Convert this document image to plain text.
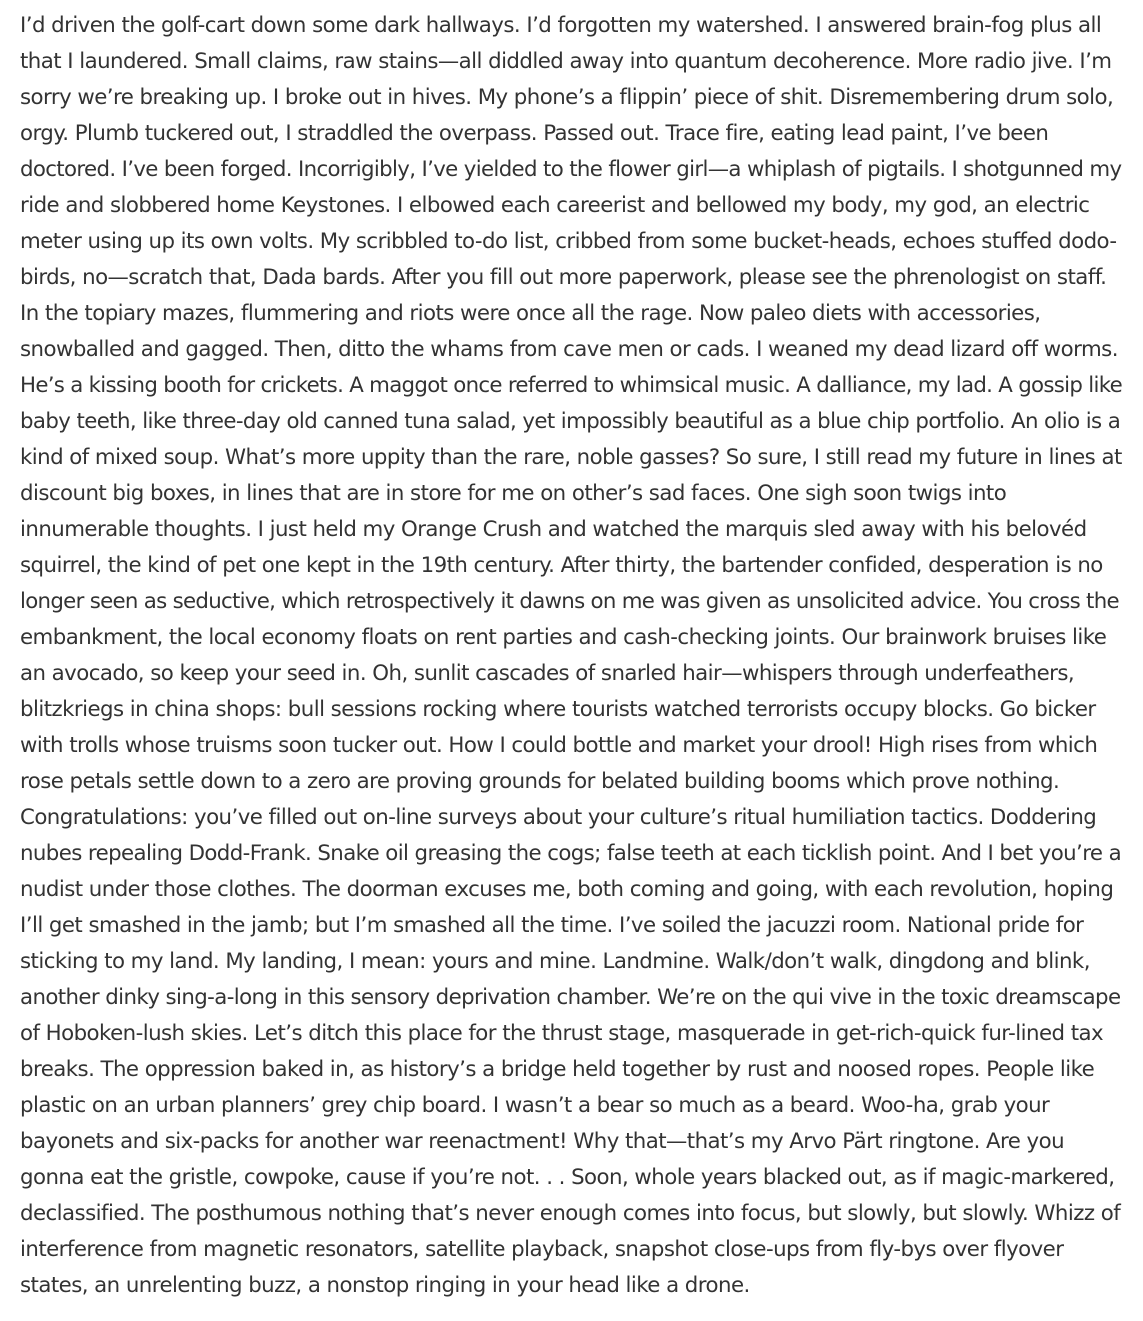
I’d driven the golf-cart down some dark hallways. I’d forgotten my watershed. I answered brain-fog plus all
that I laundered. Small claims, raw stains—all diddled away into quantum decoherence. More radio jive. I’m
sorry we’re breaking up. I broke out in hives. My phone’s a flippin’ piece of shit. Disremembering drum solo,
orgy. Plumb tuckered out, I straddled the overpass. Passed out. Trace fire, eating lead paint, I’ve been
doctored. I’ve been forged. Incorrigibly, I’ve yielded to the flower girl—a whiplash of pigtails. I shotgunned my
ride and slobbered home Keystones. I elbowed each careerist and bellowed my body, my god, an electric
meter using up its own volts. My scribbled to-do list, cribbed from some bucket-heads, echoes stuffed dodo-
birds, no—scratch that, Dada bards. After you fill out more paperwork, please see the phrenologist on staff.
In the topiary mazes, flummering and riots were once all the rage. Now paleo diets with accessories,
snowballed and gagged. Then, ditto the whams from cave men or cads. I weaned my dead lizard off worms.
He’s a kissing booth for crickets. A maggot once referred to whimsical music. A dalliance, my lad. A gossip like
baby teeth, like three-day old canned tuna salad, yet impossibly beautiful as a blue chip portfolio. An olio is a
kind of mixed soup. What’s more uppity than the rare, noble gasses? So sure, I still read my future in lines at
discount big boxes, in lines that are in store for me on other’s sad faces. One sigh soon twigs into
innumerable thoughts. I just held my Orange Crush and watched the marquis sled away with his belovéd
squirrel, the kind of pet one kept in the 19th century. After thirty, the bartender confided, desperation is no
longer seen as seductive, which retrospectively it dawns on me was given as unsolicited advice. You cross the
embankment, the local economy floats on rent parties and cash-checking joints. Our brainwork bruises like
an avocado, so keep your seed in. Oh, sunlit cascades of snarled hair—whispers through underfeathers,
blitzkriegs in china shops: bull sessions rocking where tourists watched terrorists occupy blocks. Go bicker
with trolls whose truisms soon tucker out. How I could bottle and market your drool! High rises from which
rose petals settle down to a zero are proving grounds for belated building booms which prove nothing.
Congratulations: you’ve filled out on-line surveys about your culture’s ritual humiliation tactics. Doddering
nubes repealing Dodd-Frank. Snake oil greasing the cogs; false teeth at each ticklish point. And I bet you’re a
nudist under those clothes. The doorman excuses me, both coming and going, with each revolution, hoping
I’ll get smashed in the jamb; but I’m smashed all the time. I’ve soiled the jacuzzi room. National pride for
sticking to my land. My landing, I mean: yours and mine. Landmine. Walk/don’t walk, dingdong and blink,
another dinky sing-a-long in this sensory deprivation chamber. We’re on the qui vive in the toxic dreamscape
of Hoboken-lush skies. Let’s ditch this place for the thrust stage, masquerade in get-rich-quick fur-lined tax
breaks. The oppression baked in, as history’s a bridge held together by rust and noosed ropes. People like
plastic on an urban planners’ grey chip board. I wasn’t a bear so much as a beard. Woo-ha, grab your
bayonets and six-packs for another war reenactment! Why that—that’s my Arvo Pärt ringtone. Are you
gonna eat the gristle, cowpoke, cause if you’re not. . . Soon, whole years blacked out, as if magic-markered,
declassified. The posthumous nothing that’s never enough comes into focus, but slowly, but slowly. Whizz of
interference from magnetic resonators, satellite playback, snapshot close-ups from fly-bys over flyover
states, an unrelenting buzz, a nonstop ringing in your head like a drone.
